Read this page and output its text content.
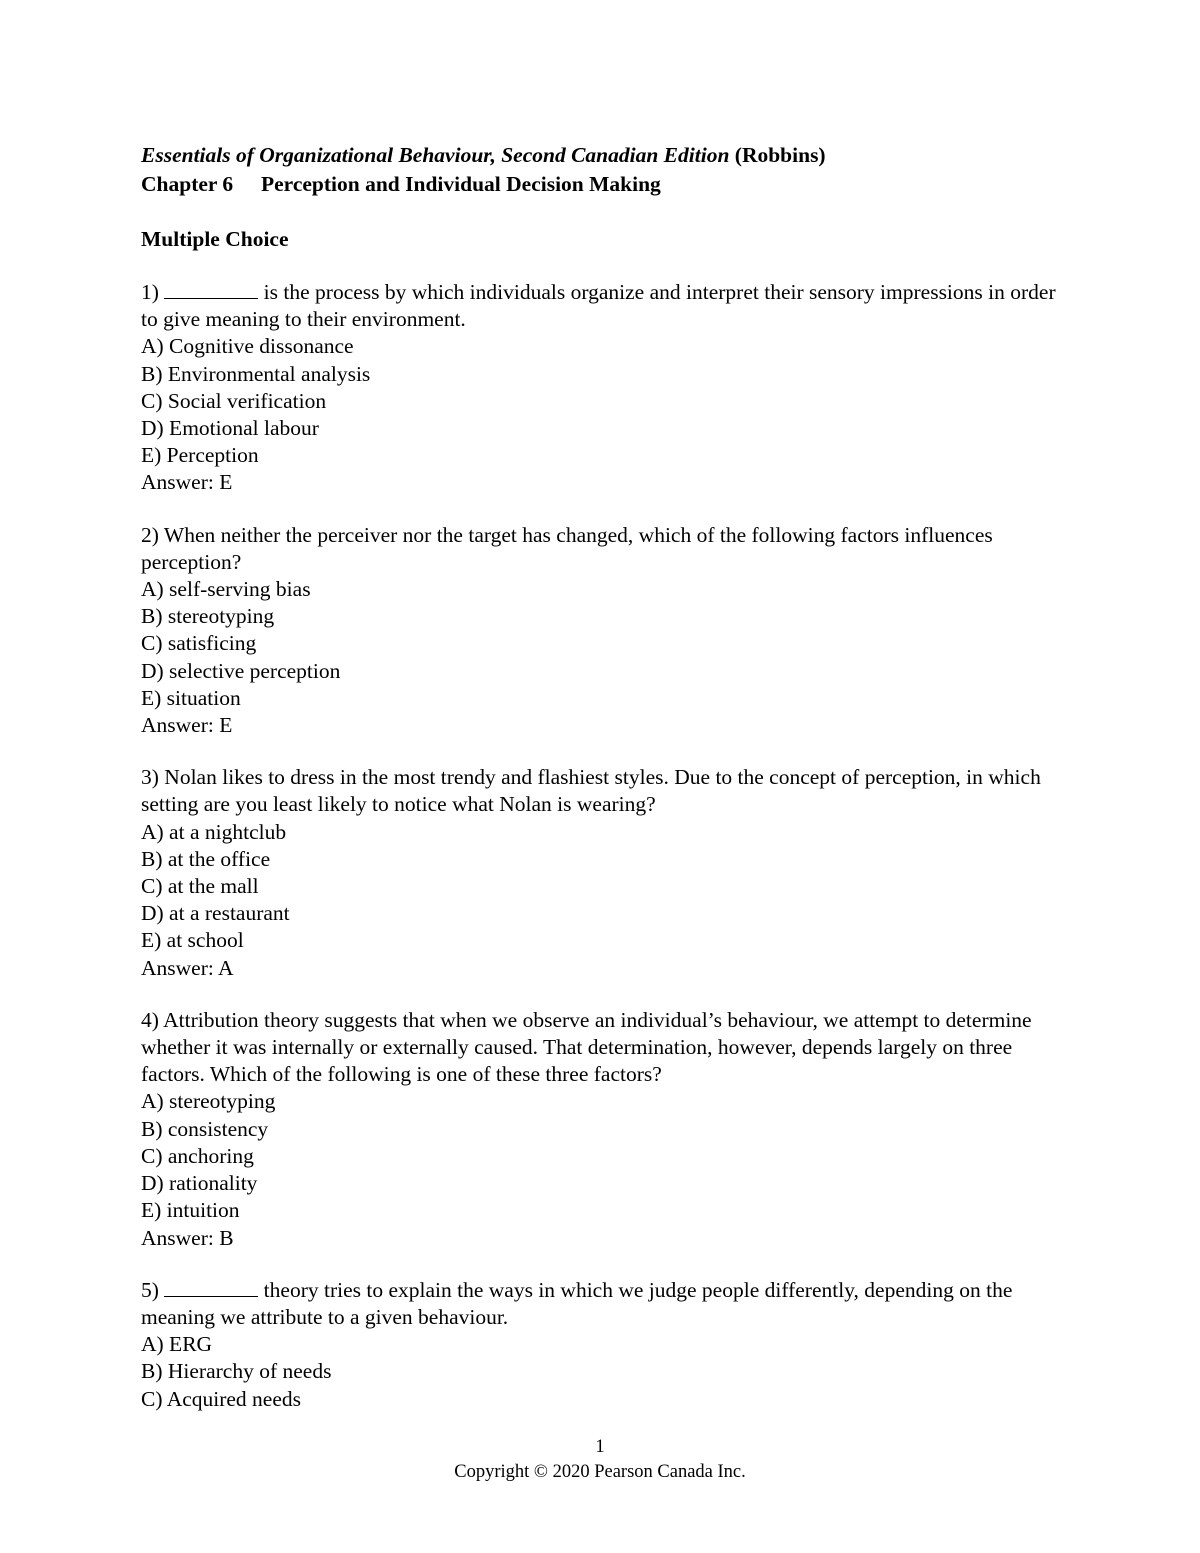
Essentials of Organizational Behaviour, Second Canadian Edition (Robbins)

Chapter 6 Perception and Individual Decision Making

Multiple Choice

1)	is the process by which individuals organize and interpret their sensory impressions in order to give meaning to their environment.

A) Cognitive dissonance

B) Environmental analysis

C) Social verification

D) Emotional labour

E) Perception

Answer: E

2) When neither the perceiver nor the target has changed, which of the following factors influences perception?

A) self-serving bias

B) stereotyping

C) satisficing

D) selective perception

E) situation

Answer: E

3) Nolan likes to dress in the most trendy and flashiest styles. Due to the concept of perception, in which setting are you least likely to notice what Nolan is wearing?

A) at a nightclub

B) at the office

C) at the mall

D) at a restaurant

E) at school

Answer: A

4) Attribution theory suggests that when we observe an individual’s behaviour, we attempt to determine whether it was internally or externally caused. That determination, however, depends largely on three factors. Which of the following is one of these three factors?

A) stereotyping

B) consistency

C) anchoring

D) rationality

E) intuition

Answer: B

5)	theory tries to explain the ways in which we judge people differently, depending on the meaning we attribute to a given behaviour.

A) ERG

B) Hierarchy of needs

C) Acquired needs

1
Copyright © 2020 Pearson Canada Inc.
